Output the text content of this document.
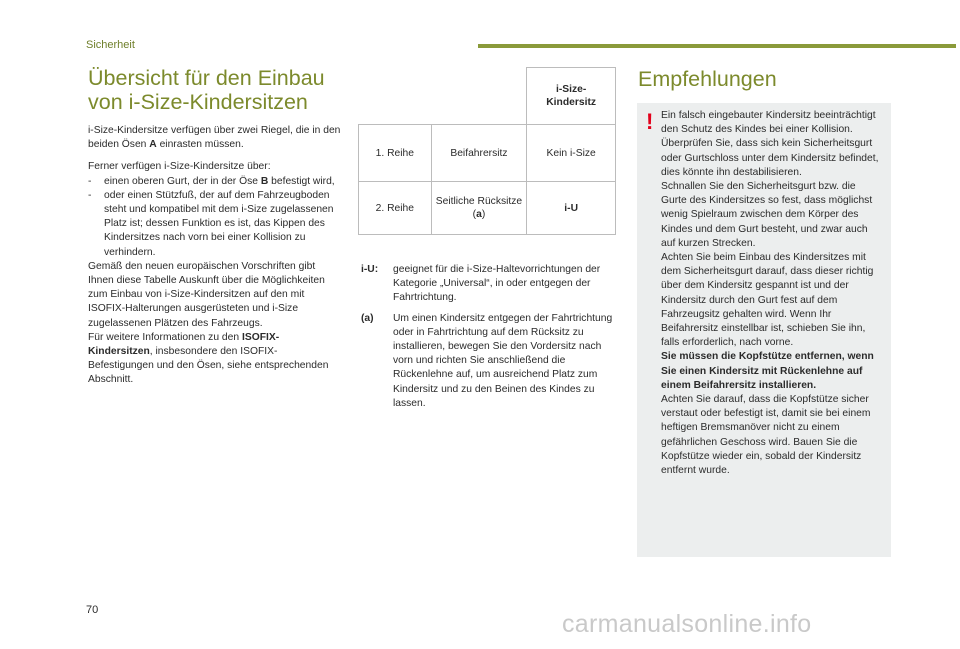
Sicherheit
Übersicht für den Einbau von i-Size-Kindersitzen

i-Size-Kindersitze verfügen über zwei Riegel, die in den beiden Ösen A einrasten müssen.

Ferner verfügen i-Size-Kindersitze über:
-	einen oberen Gurt, der in der Öse B befestigt wird,
-	oder einen Stützfuß, der auf dem Fahrzeugboden steht und kompatibel mit dem i-Size zugelassenen Platz ist; dessen Funktion es ist, das Kippen des Kindersitzes nach vorn bei einer Kollision zu verhindern.
Gemäß den neuen europäischen Vorschriften gibt Ihnen diese Tabelle Auskunft über die Möglichkeiten zum Einbau von i-Size-Kindersitzen auf den mit ISOFIX-Halterungen ausgerüsteten und i-Size zugelassenen Plätzen des Fahrzeugs.
Für weitere Informationen zu den ISOFIX-Kindersitzen, insbesondere den ISOFIX-Befestigungen und den Ösen, siehe entsprechenden Abschnitt.
		i-Size-Kindersitz
1. Reihe	Beifahrersitz	Kein i-Size
2. Reihe	Seitliche Rücksitze (a)	i-U
i-U:	geeignet für die i-Size-Haltevorrichtungen der Kategorie „Universal“, in oder entgegen der Fahrtrichtung.
(a)	Um einen Kindersitz entgegen der Fahrtrichtung oder in Fahrtrichtung auf dem Rücksitz zu installieren, bewegen Sie den Vordersitz nach vorn und richten Sie anschließend die Rückenlehne auf, um ausreichend Platz zum Kindersitz und zu den Beinen des Kindes zu lassen.
Empfehlungen
! Ein falsch eingebauter Kindersitz beeinträchtigt den Schutz des Kindes bei einer Kollision.
Überprüfen Sie, dass sich kein Sicherheitsgurt oder Gurtschloss unter dem Kindersitz befindet, dies könnte ihn destabilisieren.
Schnallen Sie den Sicherheitsgurt bzw. die Gurte des Kindersitzes so fest, dass möglichst wenig Spielraum zwischen dem Körper des Kindes und dem Gurt besteht, und zwar auch auf kurzen Strecken.
Achten Sie beim Einbau des Kindersitzes mit dem Sicherheitsgurt darauf, dass dieser richtig über dem Kindersitz gespannt ist und der Kindersitz durch den Gurt fest auf dem Fahrzeugsitz gehalten wird. Wenn Ihr Beifahrersitz einstellbar ist, schieben Sie ihn, falls erforderlich, nach vorne.
Sie müssen die Kopfstütze entfernen, wenn Sie einen Kindersitz mit Rückenlehne auf einem Beifahrersitz installieren.
Achten Sie darauf, dass die Kopfstütze sicher verstaut oder befestigt ist, damit sie bei einem heftigen Bremsmanöver nicht zu einem gefährlichen Geschoss wird. Bauen Sie die Kopfstütze wieder ein, sobald der Kindersitz entfernt wurde.
70	carmanualsonline.info
